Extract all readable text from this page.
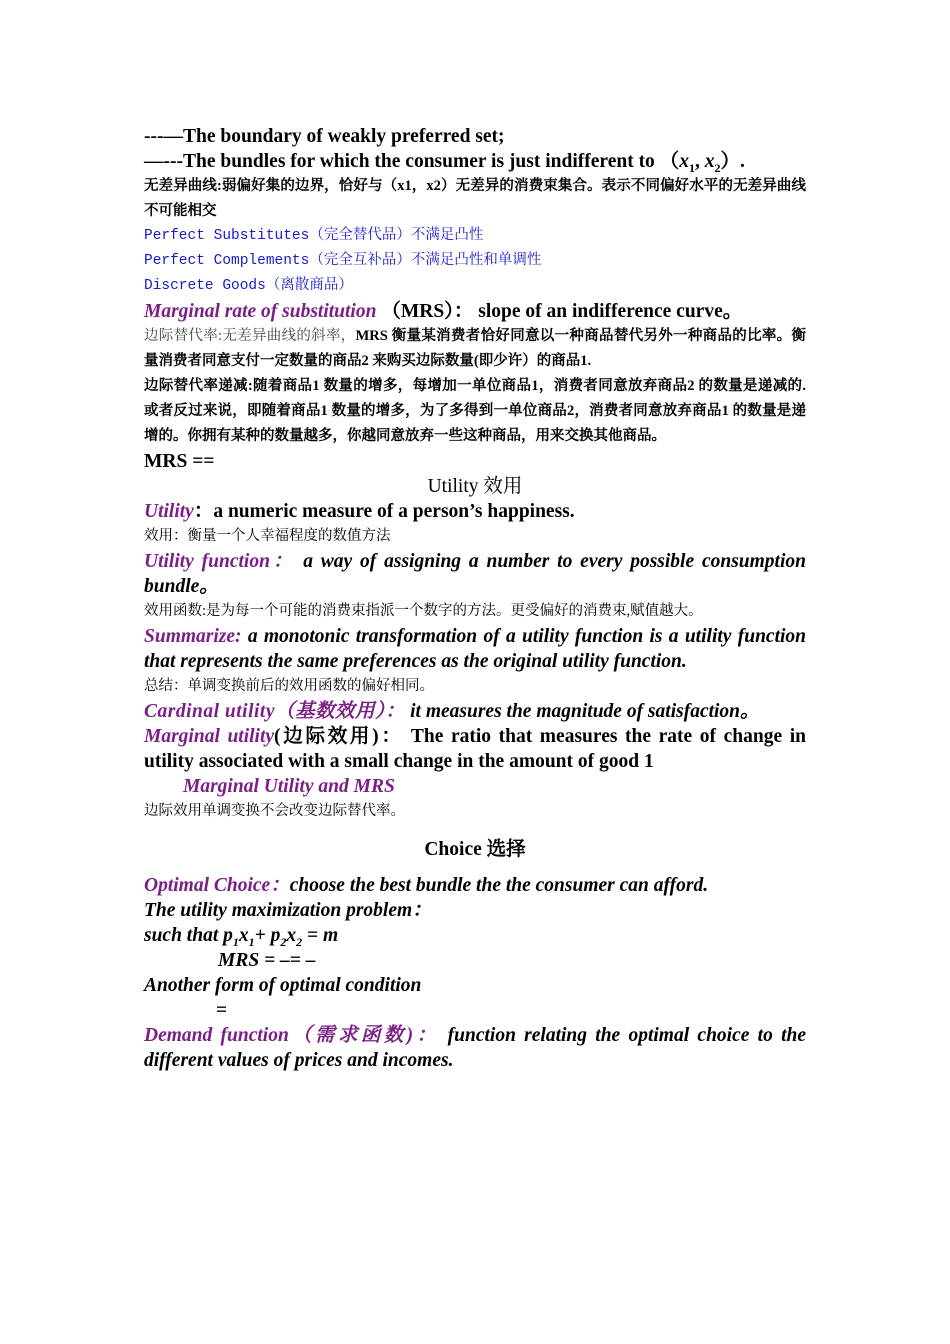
---—The boundary of weakly preferred set;

—---The bundles for which the consumer is just indifferent to （$x_1$, $x_2$）.

无差异曲线:弱偏好集的边界，恰好与（x1，x2）无差异的消费束集合。表示不同偏好水平的无差异曲线不可能相交

Perfect Substitutes（完全替代品）不满足凸性

Perfect Complements（完全互补品）不满足凸性和单调性

Discrete Goods（离散商品）

Marginal rate of substitution （MRS）： slope of an indifference curve。

边际替代率:无差异曲线的斜率，MRS 衡量某消费者恰好同意以一种商品替代另外一种商品的比率。衡量消费者同意支付一定数量的商品2 来购买边际数量(即少许）的商品1.

边际替代率递减:随着商品1 数量的增多，每增加一单位商品1，消费者同意放弃商品2 的数量是递减的. 或者反过来说，即随着商品1 数量的增多，为了多得到一单位商品2，消费者同意放弃商品1 的数量是递增的。你拥有某种的数量越多，你越同意放弃一些这种商品，用来交换其他商品。

MRS ==

Utility 效用

Utility：a numeric measure of a person’s happiness.

效用：衡量一个人幸福程度的数值方法

Utility function： a way of assigning a number to every possible consumption bundle。

效用函数:是为每一个可能的消费束指派一个数字的方法。更受偏好的消费束,赋值越大。

Summarize: a monotonic transformation of a utility function is a utility function that represents the same preferences as the original utility function.

总结：单调变换前后的效用函数的偏好相同。

Cardinal utility（基数效用）： it measures the magnitude of satisfaction。

Marginal utility(边际效用)： The ratio that measures the rate of change in utility associated with a small change in the amount of good 1

Marginal Utility and MRS

边际效用单调变换不会改变边际替代率。

Choice 选择

Optimal Choice：choose the best bundle the the consumer can afford.

The utility maximization problem：

such that $p_1x_1+ p_2x_2 = m$

MRS = –= –

Another form of optimal condition

=

Demand function（需求函数)： function relating the optimal choice to the different values of prices and incomes.
